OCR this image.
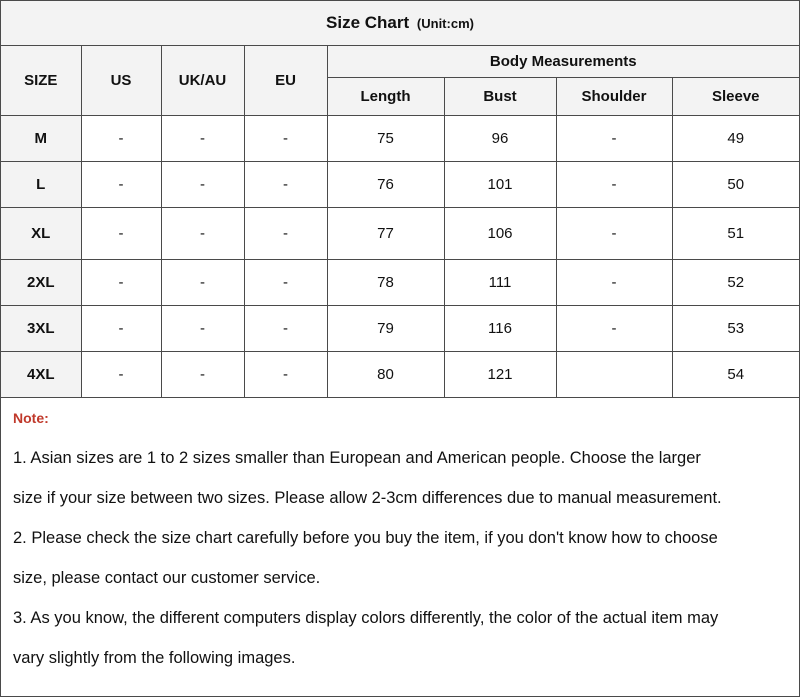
Size Chart (Unit:cm)
SIZE	US	UK/AU	EU	Body Measurements			
				Length	Bust	Shoulder	Sleeve
M	-	-	-	75	96	-	49
L	-	-	-	76	101	-	50
XL	-	-	-	77	106	-	51
2XL	-	-	-	78	111	-	52
3XL	-	-	-	79	116	-	53
4XL	-	-	-	80	121		54
Note:
1. Asian sizes are 1 to 2 sizes smaller than European and American people. Choose the larger
size if your size between two sizes. Please allow 2-3cm differences due to manual measurement.
2. Please check the size chart carefully before you buy the item, if you don't know how to choose
size, please contact our customer service.
3. As you know, the different computers display colors differently, the color of the actual item may
vary slightly from the following images.
